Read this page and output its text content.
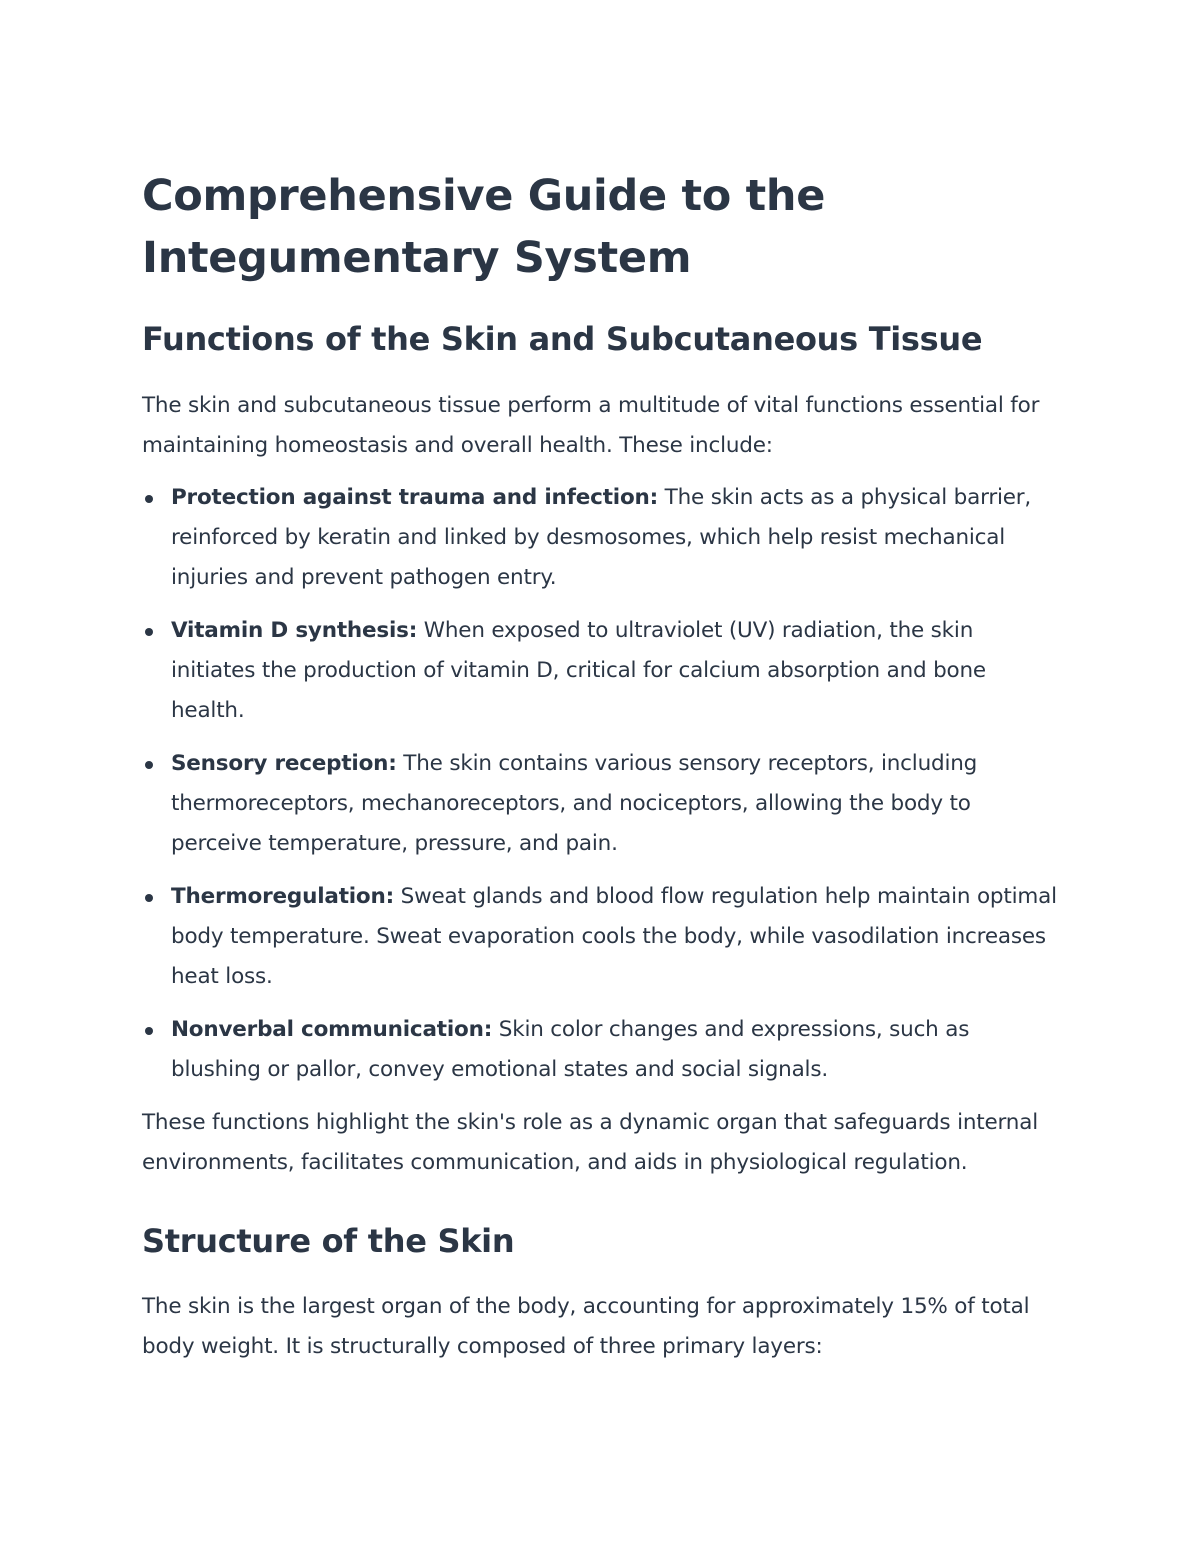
Comprehensive Guide to the Integumentary System
Functions of the Skin and Subcutaneous Tissue

The skin and subcutaneous tissue perform a multitude of vital functions essential for maintaining homeostasis and overall health. These include:

Protection against trauma and infection: The skin acts as a physical barrier, reinforced by keratin and linked by desmosomes, which help resist mechanical injuries and prevent pathogen entry.
Vitamin D synthesis: When exposed to ultraviolet (UV) radiation, the skin initiates the production of vitamin D, critical for calcium absorption and bone health.
Sensory reception: The skin contains various sensory receptors, including thermoreceptors, mechanoreceptors, and nociceptors, allowing the body to perceive temperature, pressure, and pain.
Thermoregulation: Sweat glands and blood flow regulation help maintain optimal body temperature. Sweat evaporation cools the body, while vasodilation increases heat loss.
Nonverbal communication: Skin color changes and expressions, such as blushing or pallor, convey emotional states and social signals.

These functions highlight the skin's role as a dynamic organ that safeguards internal environments, facilitates communication, and aids in physiological regulation.

Structure of the Skin

The skin is the largest organ of the body, accounting for approximately 15% of total body weight. It is structurally composed of three primary layers:
